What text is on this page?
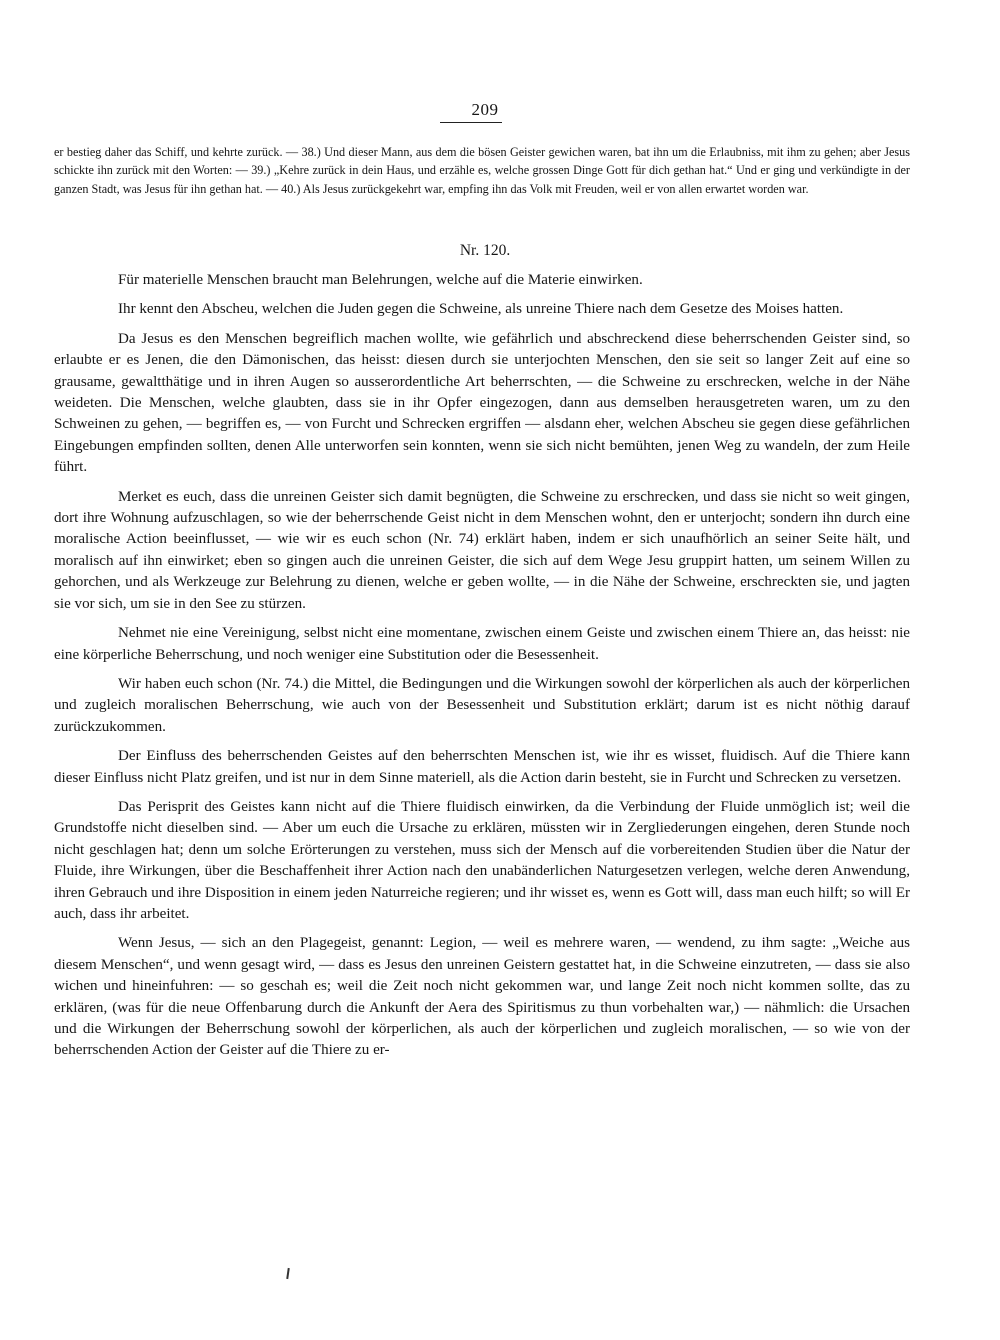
209

er bestieg daher das Schiff, und kehrte zurück. — 38.) Und dieser Mann, aus dem die bösen Geister gewichen waren, bat ihn um die Erlaubniss, mit ihm zu gehen; aber Jesus schickte ihn zurück mit den Worten: — 39.) „Kehre zurück in dein Haus, und erzähle es, welche grossen Dinge Gott für dich gethan hat.“ Und er ging und verkündigte in der ganzen Stadt, was Jesus für ihn gethan hat. — 40.) Als Jesus zurückgekehrt war, empfing ihn das Volk mit Freuden, weil er von allen erwartet worden war.

Nr. 120.

Für materielle Menschen braucht man Belehrungen, welche auf die Materie einwirken.

Ihr kennt den Abscheu, welchen die Juden gegen die Schweine, als unreine Thiere nach dem Gesetze des Moises hatten.

Da Jesus es den Menschen begreiflich machen wollte, wie gefährlich und abschreckend diese beherrschenden Geister sind, so erlaubte er es Jenen, die den Dämonischen, das heisst: diesen durch sie unterjochten Menschen, den sie seit so langer Zeit auf eine so grausame, gewaltthätige und in ihren Augen so ausserordentliche Art beherrschten, — die Schweine zu erschrecken, welche in der Nähe weideten. Die Menschen, welche glaubten, dass sie in ihr Opfer eingezogen, dann aus demselben herausgetreten waren, um zu den Schweinen zu gehen, — begriffen es, — von Furcht und Schrecken ergriffen — alsdann eher, welchen Abscheu sie gegen diese gefährlichen Eingebungen empfinden sollten, denen Alle unterworfen sein konnten, wenn sie sich nicht bemühten, jenen Weg zu wandeln, der zum Heile führt.

Merket es euch, dass die unreinen Geister sich damit begnügten, die Schweine zu erschrecken, und dass sie nicht so weit gingen, dort ihre Wohnung aufzuschlagen, so wie der beherrschende Geist nicht in dem Menschen wohnt, den er unterjocht; sondern ihn durch eine moralische Action beeinflusset, — wie wir es euch schon (Nr. 74) erklärt haben, indem er sich unaufhörlich an seiner Seite hält, und moralisch auf ihn einwirket; eben so gingen auch die unreinen Geister, die sich auf dem Wege Jesu gruppirt hatten, um seinem Willen zu gehorchen, und als Werkzeuge zur Belehrung zu dienen, welche er geben wollte, — in die Nähe der Schweine, erschreckten sie, und jagten sie vor sich, um sie in den See zu stürzen.

Nehmet nie eine Vereinigung, selbst nicht eine momentane, zwischen einem Geiste und zwischen einem Thiere an, das heisst: nie eine körperliche Beherrschung, und noch weniger eine Substitution oder die Besessenheit.

Wir haben euch schon (Nr. 74.) die Mittel, die Bedingungen und die Wirkungen sowohl der körperlichen als auch der körperlichen und zugleich moralischen Beherrschung, wie auch von der Besessenheit und Substitution erklärt; darum ist es nicht nöthig darauf zurückzukommen.

Der Einfluss des beherrschenden Geistes auf den beherrschten Menschen ist, wie ihr es wisset, fluidisch. Auf die Thiere kann dieser Einfluss nicht Platz greifen, und ist nur in dem Sinne materiell, als die Action darin besteht, sie in Furcht und Schrecken zu versetzen.

Das Perisprit des Geistes kann nicht auf die Thiere fluidisch einwirken, da die Verbindung der Fluide unmöglich ist; weil die Grundstoffe nicht dieselben sind. — Aber um euch die Ursache zu erklären, müssten wir in Zergliederungen eingehen, deren Stunde noch nicht geschlagen hat; denn um solche Erörterungen zu verstehen, muss sich der Mensch auf die vorbereitenden Studien über die Natur der Fluide, ihre Wirkungen, über die Beschaffenheit ihrer Action nach den unabänderlichen Naturgesetzen verlegen, welche deren Anwendung, ihren Gebrauch und ihre Disposition in einem jeden Naturreiche regieren; und ihr wisset es, wenn es Gott will, dass man euch hilft; so will Er auch, dass ihr arbeitet.

Wenn Jesus, — sich an den Plagegeist, genannt: Legion, — weil es mehrere waren, — wendend, zu ihm sagte: „Weiche aus diesem Menschen“, und wenn gesagt wird, — dass es Jesus den unreinen Geistern gestattet hat, in die Schweine einzutreten, — dass sie also wichen und hineinfuhren: — so geschah es; weil die Zeit noch nicht gekommen war, und lange Zeit noch nicht kommen sollte, das zu erklären, (was für die neue Offenbarung durch die Ankunft der Aera des Spiritismus zu thun vorbehalten war,) — nähmlich: die Ursachen und die Wirkungen der Beherrschung sowohl der körperlichen, als auch der körperlichen und zugleich moralischen, — so wie von der beherrschenden Action der Geister auf die Thiere zu er-
